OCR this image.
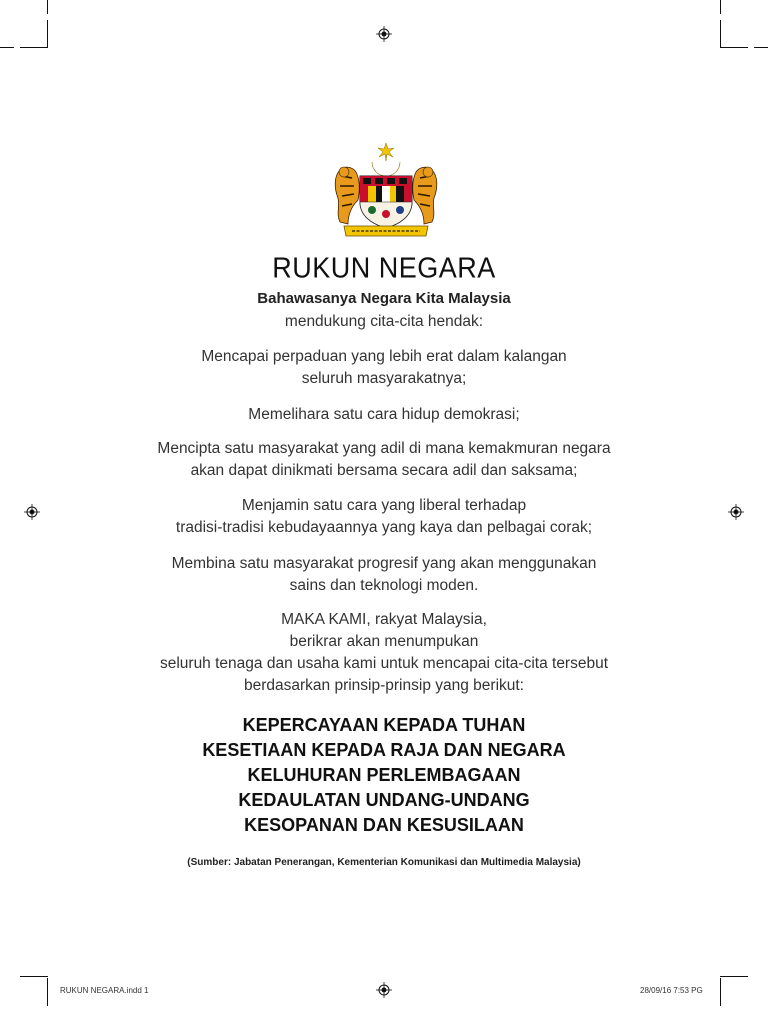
RUKUN NEGARA
Bahawasanya Negara Kita Malaysia

mendukung cita-cita hendak:

Mencapai perpaduan yang lebih erat dalam kalangan

seluruh masyarakatnya;

Memelihara satu cara hidup demokrasi;

Mencipta satu masyarakat yang adil di mana kemakmuran negara

akan dapat dinikmati bersama secara adil dan saksama;

Menjamin satu cara yang liberal terhadap

tradisi-tradisi kebudayaannya yang kaya dan pelbagai corak;

Membina satu masyarakat progresif yang akan menggunakan

sains dan teknologi moden.

MAKA KAMI, rakyat Malaysia,

berikrar akan menumpukan

seluruh tenaga dan usaha kami untuk mencapai cita-cita tersebut

berdasarkan prinsip-prinsip yang berikut:

KEPERCAYAAN KEPADA TUHAN

KESETIAAN KEPADA RAJA DAN NEGARA

KELUHURAN PERLEMBAGAAN

KEDAULATAN UNDANG-UNDANG

KESOPANAN DAN KESUSILAAN

(Sumber: Jabatan Penerangan, Kementerian Komunikasi dan Multimedia Malaysia)
RUKUN NEGARA.indd 1	28/09/16 7:53 PG
